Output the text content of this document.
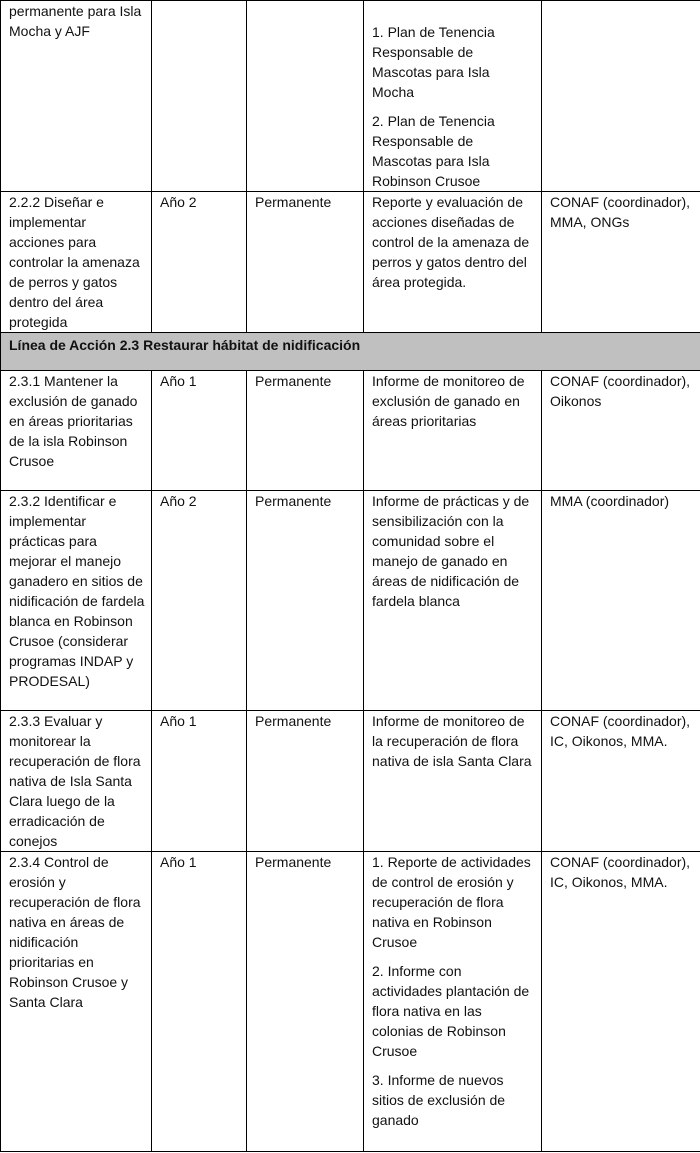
permanente para Isla Mocha y AJF			1. Plan de Tenencia Responsable de Mascotas para Isla Mocha
2. Plan de Tenencia Responsable de Mascotas para Isla Robinson Crusoe	

2.2.2 Diseñar e implementar acciones para controlar la amenaza de perros y gatos dentro del área protegida	Año 2	Permanente	Reporte y evaluación de acciones diseñadas de control de la amenaza de perros y gatos dentro del área protegida.	CONAF (coordinador), MMA, ONGs
Línea de Acción 2.3 Restaurar hábitat de nidificación				
2.3.1 Mantener la exclusión de ganado en áreas prioritarias de la isla Robinson Crusoe	Año 1	Permanente	Informe de monitoreo de exclusión de ganado en áreas prioritarias	CONAF (coordinador), Oikonos
2.3.2 Identificar e implementar prácticas para mejorar el manejo ganadero en sitios de nidificación de fardela blanca en Robinson Crusoe (considerar programas INDAP y PRODESAL)	Año 2	Permanente	Informe de prácticas y de sensibilización con la comunidad sobre el manejo de ganado en áreas de nidificación de fardela blanca	MMA (coordinador)
2.3.3 Evaluar y monitorear la recuperación de flora nativa de Isla Santa Clara luego de la erradicación de conejos	Año 1	Permanente	Informe de monitoreo de la recuperación de flora nativa de isla Santa Clara	CONAF (coordinador), IC, Oikonos, MMA.
2.3.4 Control de erosión y recuperación de flora nativa en áreas de nidificación prioritarias en Robinson Crusoe y Santa Clara	Año 1	Permanente	1. Reporte de actividades de control de erosión y recuperación de flora nativa en Robinson Crusoe
2. Informe con actividades plantación de flora nativa en las colonias de Robinson Crusoe
3. Informe de nuevos sitios de exclusión de ganado	CONAF (coordinador), IC, Oikonos, MMA.
